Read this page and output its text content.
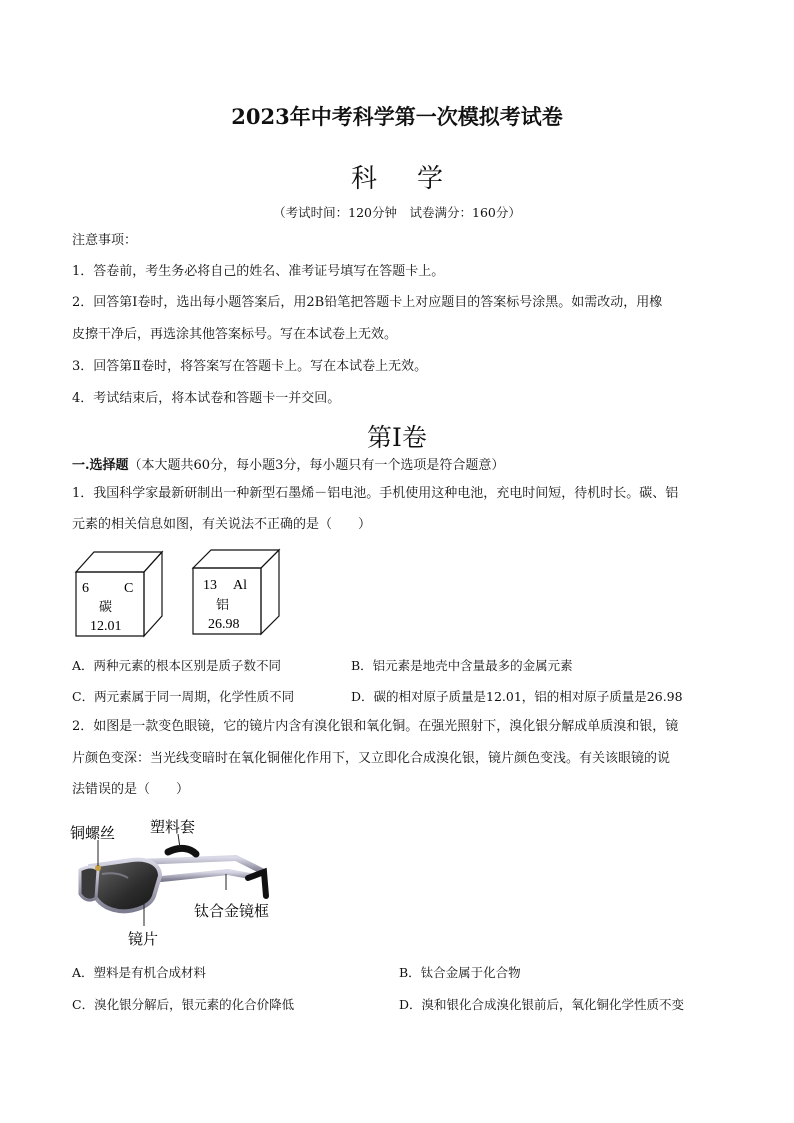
2023年中考科学第一次模拟考试卷
科学
（考试时间：120分钟　试卷满分：160分）
注意事项：
1．答卷前，考生务必将自己的姓名、准考证号填写在答题卡上。
2．回答第Ⅰ卷时，选出每小题答案后，用2B铅笔把答题卡上对应题目的答案标号涂黑。如需改动，用橡
皮擦干净后，再选涂其他答案标号。写在本试卷上无效。
3．回答第Ⅱ卷时，将答案写在答题卡上。写在本试卷上无效。
4．考试结束后，将本试卷和答题卡一并交回。
第Ⅰ卷
一.选择题（本大题共60分，每小题3分，每小题只有一个选项是符合题意）
1．我国科学家最新研制出一种新型石墨烯－铝电池。手机使用这种电池，充电时间短，待机时长。碳、铝
元素的相关信息如图，有关说法不正确的是（　　）
6	C
碳
12.01
13 Al
铝
26.98
A．两种元素的根本区别是质子数不同	B．铝元素是地壳中含量最多的金属元素
C．两元素属于同一周期，化学性质不同	D．碳的相对原子质量是12.01，铝的相对原子质量是26.98
2．如图是一款变色眼镜，它的镜片内含有溴化银和氧化铜。在强光照射下，溴化银分解成单质溴和银，镜
片颜色变深：当光线变暗时在氧化铜催化作用下，又立即化合成溴化银，镜片颜色变浅。有关该眼镜的说
法错误的是（　　）
铜螺丝 塑料套
钛合金镜框
镜片
A．塑料是有机合成材料	B．钛合金属于化合物
C．溴化银分解后，银元素的化合价降低	D．溴和银化合成溴化银前后，氧化铜化学性质不变
